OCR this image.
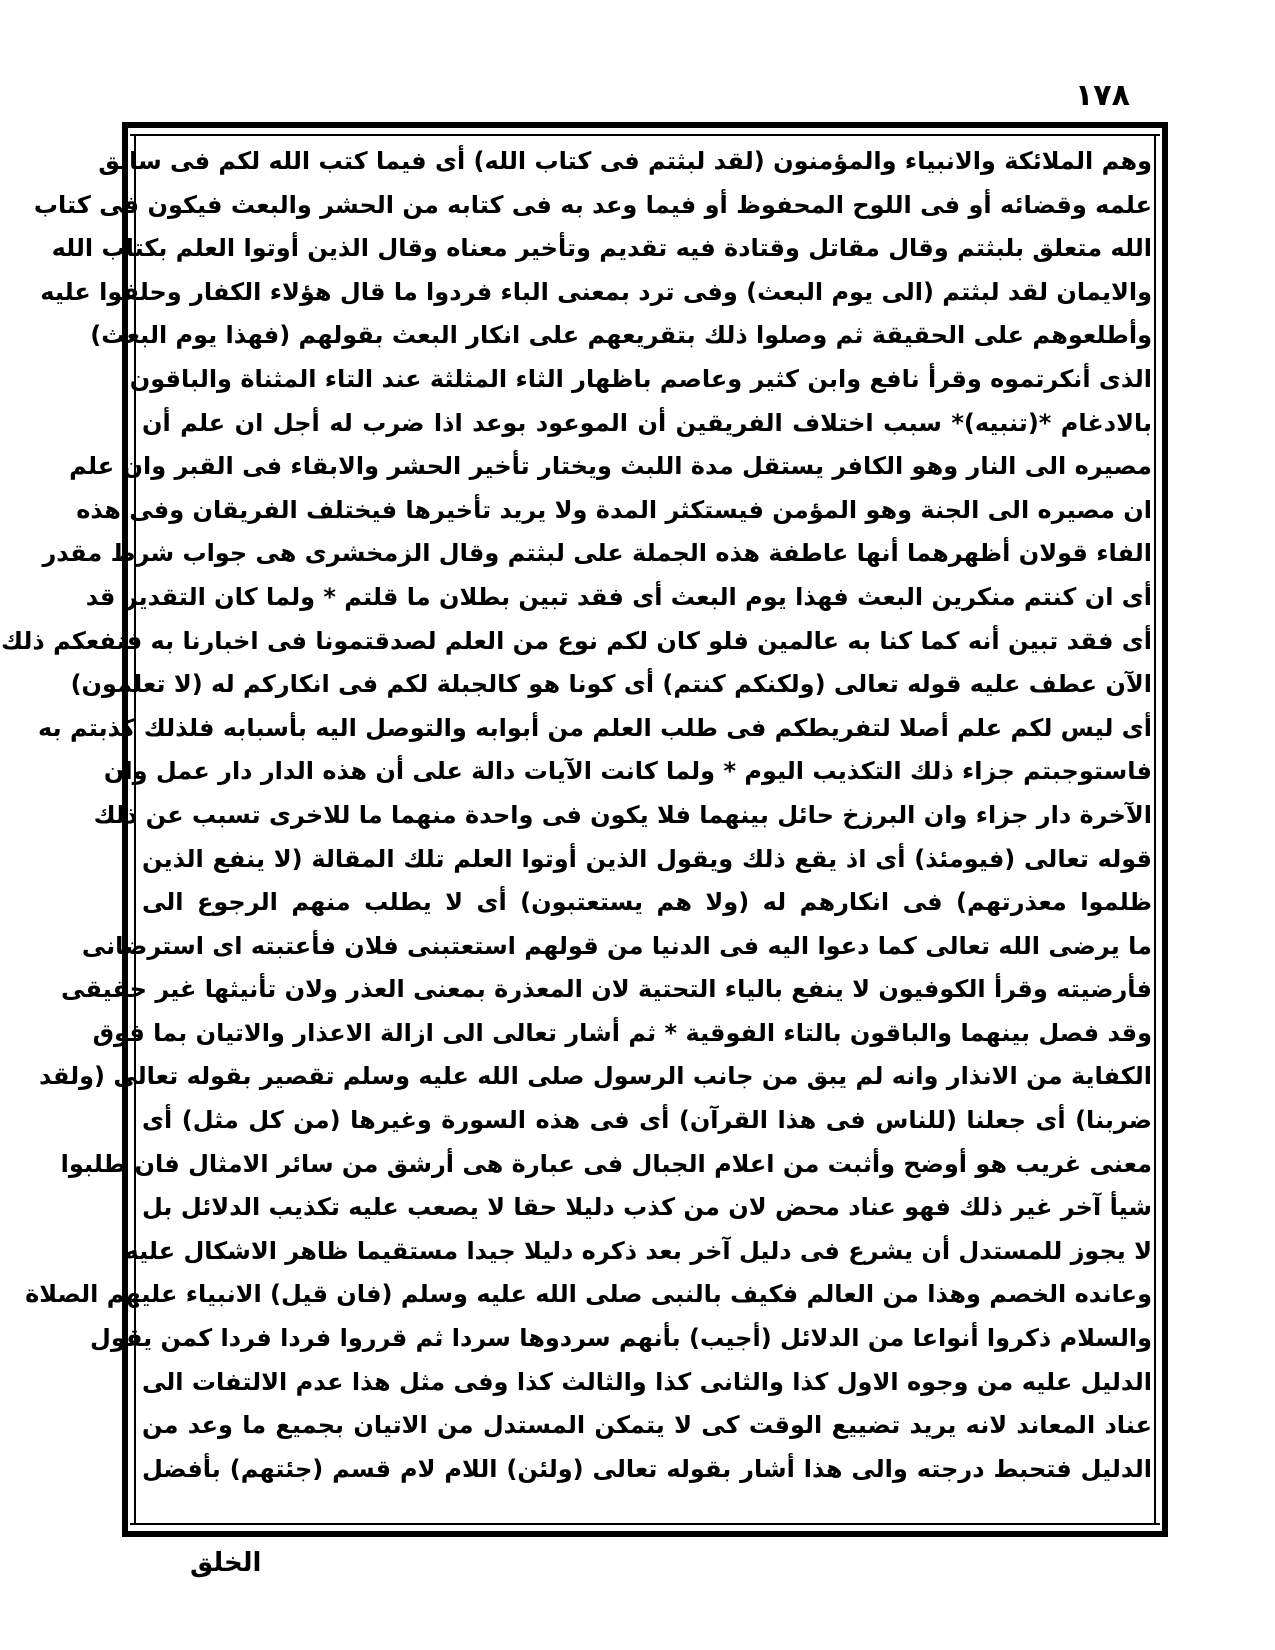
١٧٨
وهم الملائكة والانبياء والمؤمنون (لقد لبثتم فى كتاب الله) أى فيما كتب الله لكم فى سابق
علمه وقضائه أو فى اللوح المحفوظ أو فيما وعد به فى كتابه من الحشر والبعث فيكون فى كتاب
الله متعلق بلبثتم وقال مقاتل وقتادة فيه تقديم وتأخير معناه وقال الذين أوتوا العلم بكتاب الله
والايمان لقد لبثتم (الى يوم البعث) وفى ترد بمعنى الباء فردوا ما قال هؤلاء الكفار وحلفوا عليه
وأطلعوهم على الحقيقة ثم وصلوا ذلك بتقريعهم على انكار البعث بقولهم (فهذا يوم البعث)
الذى أنكرتموه وقرأ نافع وابن كثير وعاصم باظهار الثاء المثلثة عند التاء المثناة والباقون
بالادغام *(تنبيه)* سبب اختلاف الفريقين أن الموعود بوعد اذا ضرب له أجل ان علم أن
مصيره الى النار وهو الكافر يستقل مدة اللبث ويختار تأخير الحشر والابقاء فى القبر وان علم
ان مصيره الى الجنة وهو المؤمن فيستكثر المدة ولا يريد تأخيرها فيختلف الفريقان وفى هذه
الفاء قولان أظهرهما أنها عاطفة هذه الجملة على لبثتم وقال الزمخشرى هى جواب شرط مقدر
أى ان كنتم منكرين البعث فهذا يوم البعث أى فقد تبين بطلان ما قلتم * ولما كان التقدير قد
أى فقد تبين أنه كما كنا به عالمين فلو كان لكم نوع من العلم لصدقتمونا فى اخبارنا به فنفعكم ذلك
الآن عطف عليه قوله تعالى (ولكنكم كنتم) أى كونا هو كالجبلة لكم فى انكاركم له (لا تعلمون)
أى ليس لكم علم أصلا لتفريطكم فى طلب العلم من أبوابه والتوصل اليه بأسبابه فلذلك كذبتم به
فاستوجبتم جزاء ذلك التكذيب اليوم * ولما كانت الآيات دالة على أن هذه الدار دار عمل وان
الآخرة دار جزاء وان البرزخ حائل بينهما فلا يكون فى واحدة منهما ما للاخرى تسبب عن ذلك
قوله تعالى (فيومئذ) أى اذ يقع ذلك ويقول الذين أوتوا العلم تلك المقالة (لا ينفع الذين
ظلموا معذرتهم) فى انكارهم له (ولا هم يستعتبون) أى لا يطلب منهم الرجوع الى
ما يرضى الله تعالى كما دعوا اليه فى الدنيا من قولهم استعتبنى فلان فأعتبته اى استرضانى
فأرضيته وقرأ الكوفيون لا ينفع بالياء التحتية لان المعذرة بمعنى العذر ولان تأنيثها غير حقيقى
وقد فصل بينهما والباقون بالتاء الفوقية * ثم أشار تعالى الى ازالة الاعذار والاتيان بما فوق
الكفاية من الانذار وانه لم يبق من جانب الرسول صلى الله عليه وسلم تقصير بقوله تعالى (ولقد
ضربنا) أى جعلنا (للناس فى هذا القرآن) أى فى هذه السورة وغيرها (من كل مثل) أى
معنى غريب هو أوضح وأثبت من اعلام الجبال فى عبارة هى أرشق من سائر الامثال فان طلبوا
شيأ آخر غير ذلك فهو عناد محض لان من كذب دليلا حقا لا يصعب عليه تكذيب الدلائل بل
لا يجوز للمستدل أن يشرع فى دليل آخر بعد ذكره دليلا جيدا مستقيما ظاهر الاشكال عليه
وعانده الخصم وهذا من العالم فكيف بالنبى صلى الله عليه وسلم (فان قيل) الانبياء عليهم الصلاة
والسلام ذكروا أنواعا من الدلائل (أجيب) بأنهم سردوها سردا ثم قرروا فردا فردا كمن يقول
الدليل عليه من وجوه الاول كذا والثانى كذا والثالث كذا وفى مثل هذا عدم الالتفات الى
عناد المعاند لانه يريد تضييع الوقت كى لا يتمكن المستدل من الاتيان بجميع ما وعد من
الدليل فتحبط درجته والى هذا أشار بقوله تعالى (ولئن) اللام لام قسم (جئتهم) بأفضل
الخلق
